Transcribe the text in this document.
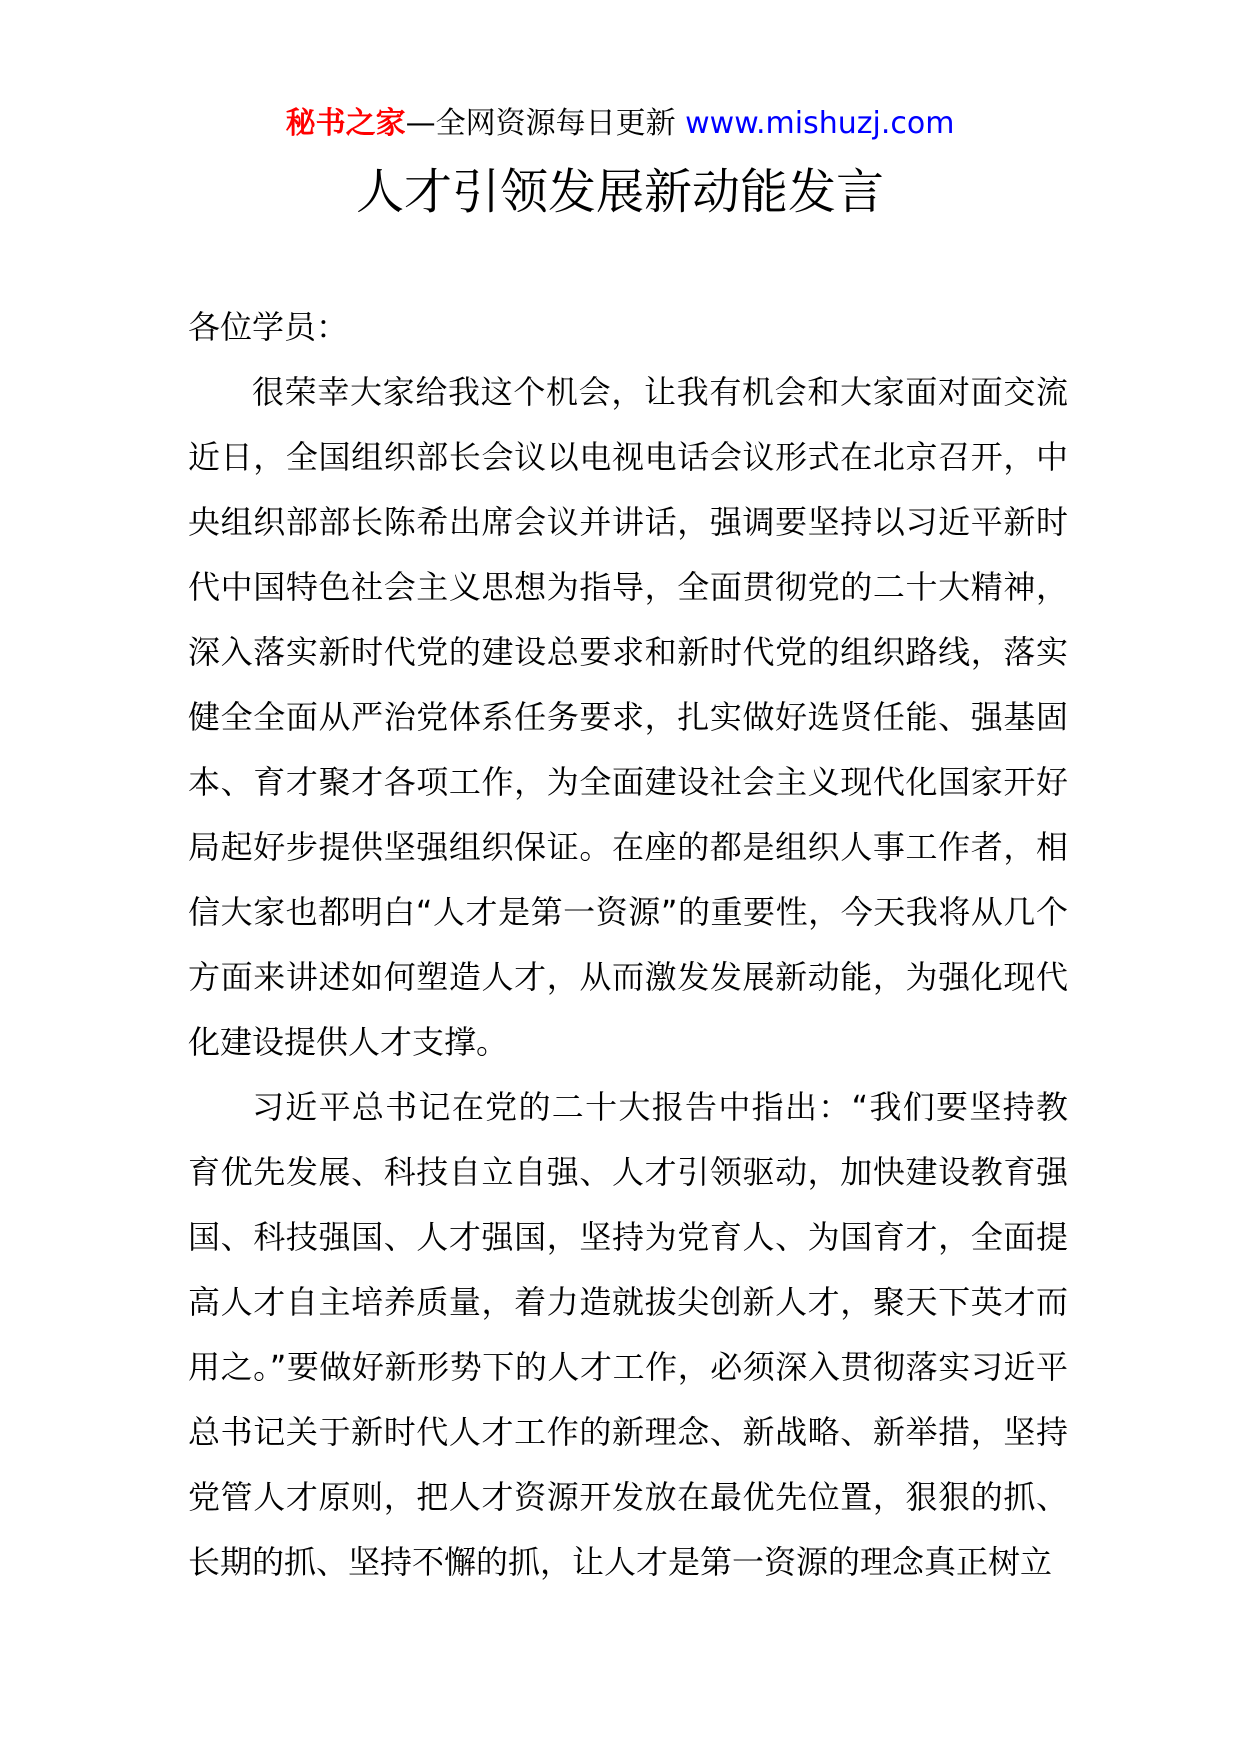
秘书之家—全网资源每日更新 www.mishuzj.com
人才引领发展新动能发言

各位学员：

很荣幸大家给我这个机会，让我有机会和大家面对面交流近日，全国组织部长会议以电视电话会议形式在北京召开，中央组织部部长陈希出席会议并讲话，强调要坚持以习近平新时代中国特色社会主义思想为指导，全面贯彻党的二十大精神，深入落实新时代党的建设总要求和新时代党的组织路线，落实健全全面从严治党体系任务要求，扎实做好选贤任能、强基固本、育才聚才各项工作，为全面建设社会主义现代化国家开好局起好步提供坚强组织保证。在座的都是组织人事工作者，相信大家也都明白“人才是第一资源”的重要性，今天我将从几个方面来讲述如何塑造人才，从而激发发展新动能，为强化现代化建设提供人才支撑。

习近平总书记在党的二十大报告中指出：“我们要坚持教育优先发展、科技自立自强、人才引领驱动，加快建设教育强国、科技强国、人才强国，坚持为党育人、为国育才，全面提高人才自主培养质量，着力造就拔尖创新人才，聚天下英才而用之。”要做好新形势下的人才工作，必须深入贯彻落实习近平总书记关于新时代人才工作的新理念、新战略、新举措，坚持党管人才原则，把人才资源开发放在最优先位置，狠狠的抓、长期的抓、坚持不懈的抓，让人才是第一资源的理念真正树立
